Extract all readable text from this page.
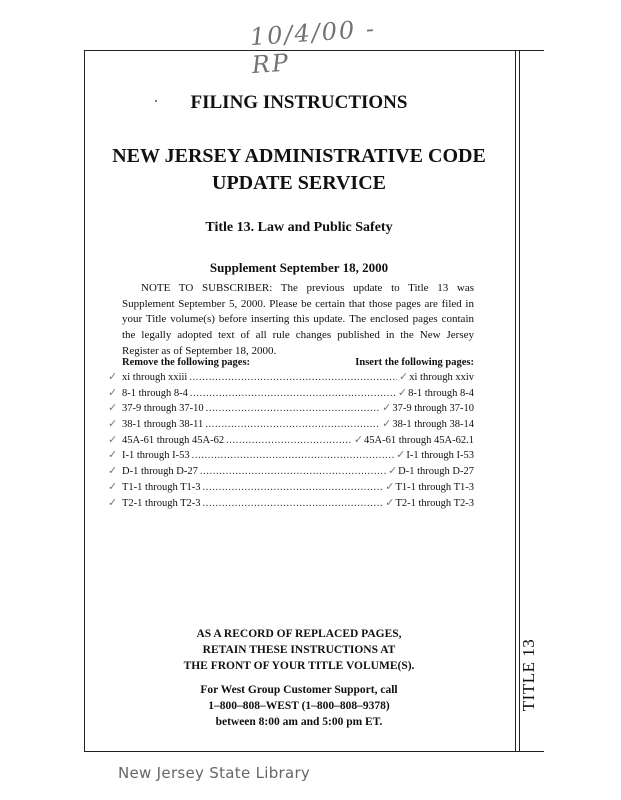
10/4/00 -RP
TITLE 13
FILING INSTRUCTIONS
NEW JERSEY ADMINISTRATIVE CODE
UPDATE SERVICE
Title 13. Law and Public Safety
Supplement September 18, 2000
NOTE TO SUBSCRIBER: The previous update to Title 13 was
Supplement September 5, 2000. Please be certain that those pages are filed in
your Title volume(s) before inserting this update. The enclosed pages contain
the legally adopted text of all rule changes published in the New Jersey
Register as of September 18, 2000.
Remove the following pages:	Insert the following pages:
✓ xi through xxiii .....	✓ xi through xxiv
✓ 8-1 through 8-4 .....	✓ 8-1 through 8-4
✓ 37-9 through 37-10 .....	✓ 37-9 through 37-10
✓ 38-1 through 38-11 .....	✓ 38-1 through 38-14
✓ 45A-61 through 45A-62 .....	✓ 45A-61 through 45A-62.1
✓ I-1 through I-53 .....	✓ I-1 through I-53
✓ D-1 through D-27 .....	✓ D-1 through D-27
✓ T1-1 through T1-3 .....	✓ T1-1 through T1-3
✓ T2-1 through T2-3 .....	✓ T2-1 through T2-3
AS A RECORD OF REPLACED PAGES,
RETAIN THESE INSTRUCTIONS AT
THE FRONT OF YOUR TITLE VOLUME(S).
For West Group Customer Support, call
1–800–808–WEST (1–800–808–9378)
between 8:00 am and 5:00 pm ET.
New Jersey State Library
